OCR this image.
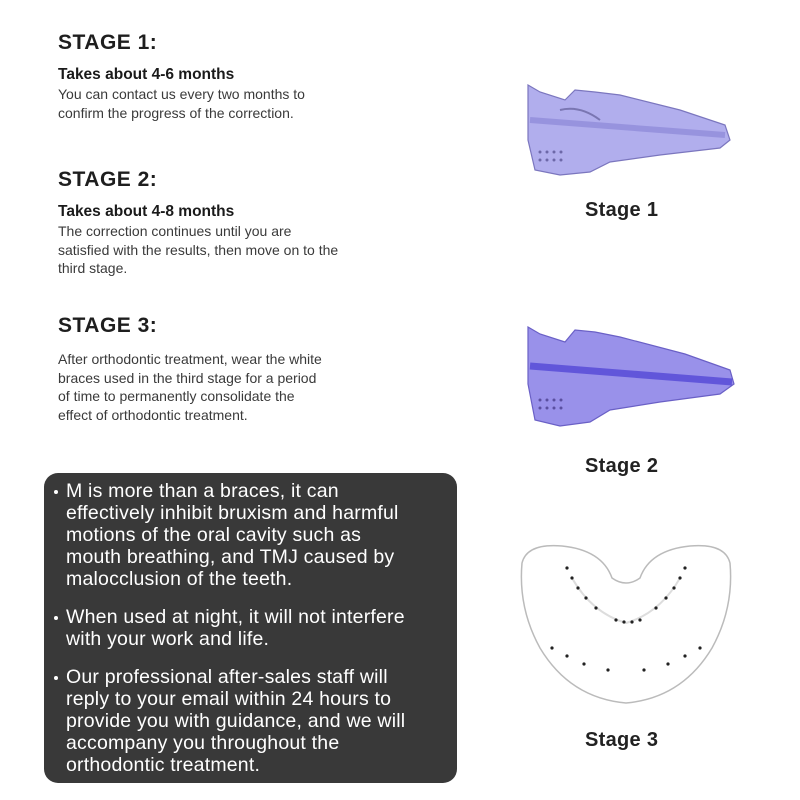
STAGE 1:
Takes about 4-6 months
You can contact us every two months to
confirm the progress of the correction.
STAGE 2:
Takes about 4-8 months
The correction continues until you are
satisfied with the results, then move on to the
third stage.
STAGE 3:
After orthodontic treatment, wear the white
braces used in the third stage for a period
of time to permanently consolidate the
effect of orthodontic treatment.
M is more than a braces, it can
effectively inhibit bruxism and harmful
motions of the oral cavity such as
mouth breathing, and TMJ caused by
malocclusion of the teeth.
When used at night, it will not interfere
with your work and life.
Our professional after-sales staff will
reply to your email within 24 hours to
provide you with guidance, and we will
accompany you throughout the
orthodontic treatment.
Stage 1
Stage 2
Stage 3
